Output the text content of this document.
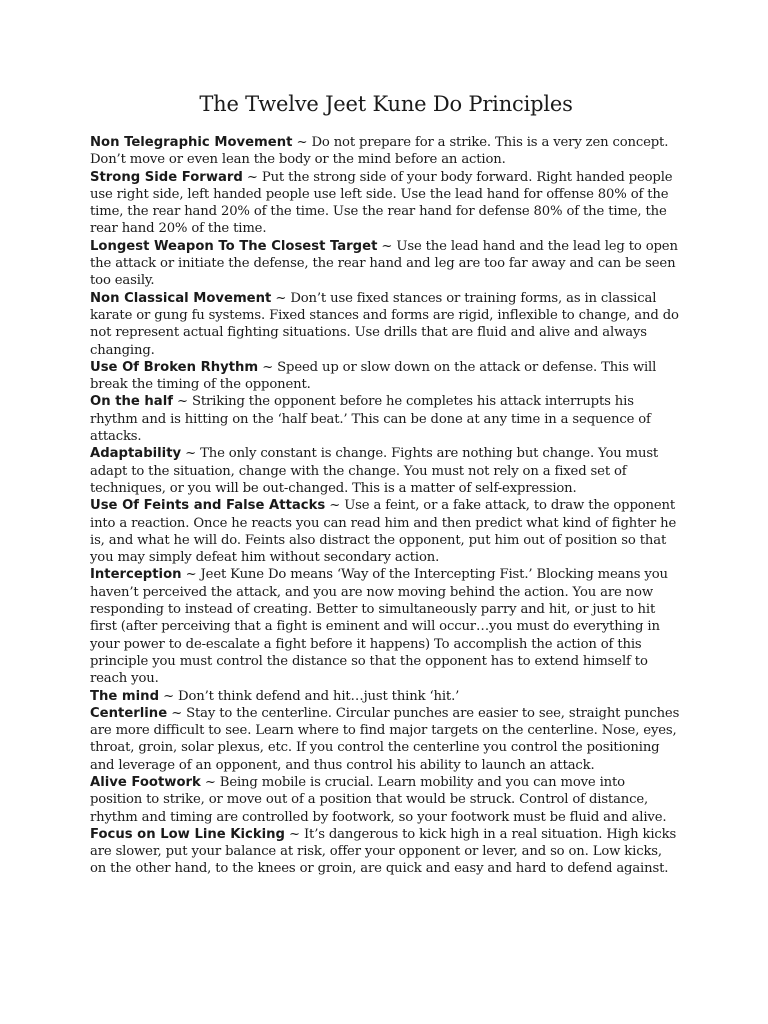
The Twelve Jeet Kune Do Principles

Non Telegraphic Movement ~ Do not prepare for a strike. This is a very zen concept. Don’t move or even lean the body or the mind before an action.

Strong Side Forward ~ Put the strong side of your body forward. Right handed people use right side, left handed people use left side. Use the lead hand for offense 80% of the time, the rear hand 20% of the time. Use the rear hand for defense 80% of the time, the rear hand 20% of the time.

Longest Weapon To The Closest Target ~ Use the lead hand and the lead leg to open the attack or initiate the defense, the rear hand and leg are too far away and can be seen too easily.

Non Classical Movement ~ Don’t use fixed stances or training forms, as in classical karate or gung fu systems. Fixed stances and forms are rigid, inflexible to change, and do not represent actual fighting situations. Use drills that are fluid and alive and always changing.

Use Of Broken Rhythm ~ Speed up or slow down on the attack or defense. This will break the timing of the opponent.

On the half ~ Striking the opponent before he completes his attack interrupts his rhythm and is hitting on the ‘half beat.’ This can be done at any time in a sequence of attacks.

Adaptability ~ The only constant is change. Fights are nothing but change. You must adapt to the situation, change with the change. You must not rely on a fixed set of techniques, or you will be out-changed. This is a matter of self-expression.

Use Of Feints and False Attacks ~ Use a feint, or a fake attack, to draw the opponent into a reaction. Once he reacts you can read him and then predict what kind of fighter he is, and what he will do. Feints also distract the opponent, put him out of position so that you may simply defeat him without secondary action.

Interception ~ Jeet Kune Do means ‘Way of the Intercepting Fist.’ Blocking means you haven’t perceived the attack, and you are now moving behind the action. You are now responding to instead of creating. Better to simultaneously parry and hit, or just to hit first (after perceiving that a fight is eminent and will occur…you must do everything in your power to de-escalate a fight before it happens) To accomplish the action of this principle you must control the distance so that the opponent has to extend himself to reach you.

The mind ~ Don’t think defend and hit…just think ‘hit.’

Centerline ~ Stay to the centerline. Circular punches are easier to see, straight punches are more difficult to see. Learn where to find major targets on the centerline. Nose, eyes, throat, groin, solar plexus, etc. If you control the centerline you control the positioning and leverage of an opponent, and thus control his ability to launch an attack.

Alive Footwork ~ Being mobile is crucial. Learn mobility and you can move into position to strike, or move out of a position that would be struck. Control of distance, rhythm and timing are controlled by footwork, so your footwork must be fluid and alive.

Focus on Low Line Kicking ~ It’s dangerous to kick high in a real situation. High kicks are slower, put your balance at risk, offer your opponent or lever, and so on. Low kicks, on the other hand, to the knees or groin, are quick and easy and hard to defend against.
